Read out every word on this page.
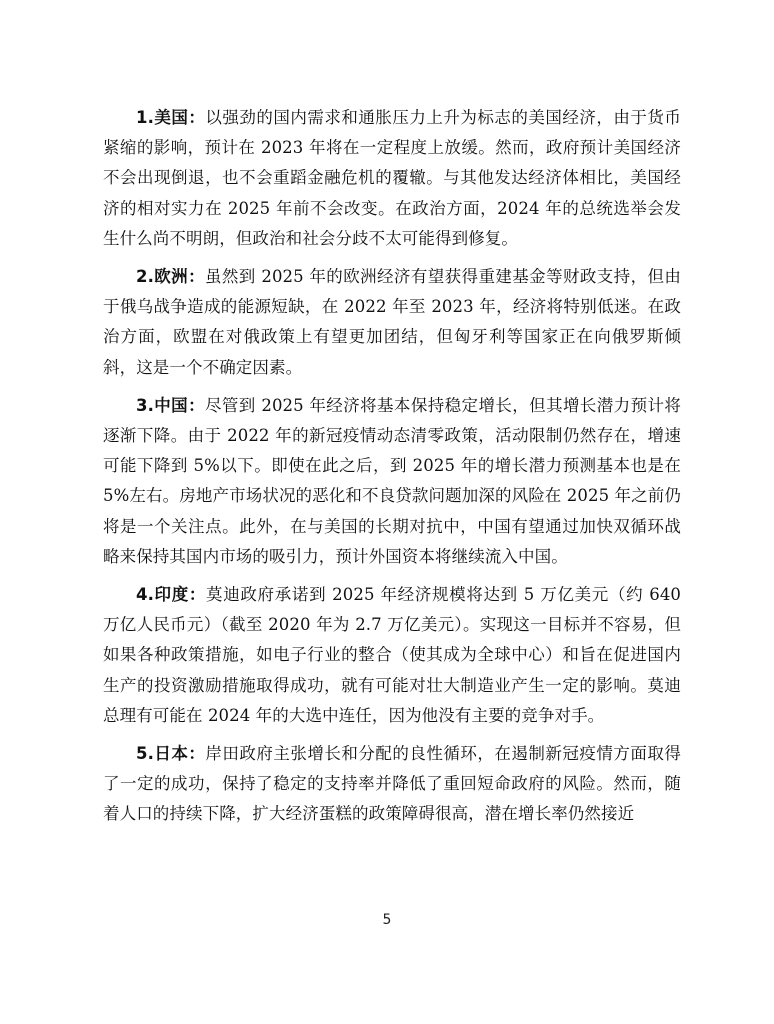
1.美国：以强劲的国内需求和通胀压力上升为标志的美国经济，由于货币紧缩的影响，预计在 2023 年将在一定程度上放缓。然而，政府预计美国经济不会出现倒退，也不会重蹈金融危机的覆辙。与其他发达经济体相比，美国经济的相对实力在 2025 年前不会改变。在政治方面，2024 年的总统选举会发生什么尚不明朗，但政治和社会分歧不太可能得到修复。

2.欧洲：虽然到 2025 年的欧洲经济有望获得重建基金等财政支持，但由于俄乌战争造成的能源短缺，在 2022 年至 2023 年，经济将特别低迷。在政治方面，欧盟在对俄政策上有望更加团结，但匈牙利等国家正在向俄罗斯倾斜，这是一个不确定因素。

3.中国：尽管到 2025 年经济将基本保持稳定增长，但其增长潜力预计将逐渐下降。由于 2022 年的新冠疫情动态清零政策，活动限制仍然存在，增速可能下降到 5%以下。即使在此之后，到 2025 年的增长潜力预测基本也是在 5%左右。房地产市场状况的恶化和不良贷款问题加深的风险在 2025 年之前仍将是一个关注点。此外，在与美国的长期对抗中，中国有望通过加快双循环战略来保持其国内市场的吸引力，预计外国资本将继续流入中国。

4.印度：莫迪政府承诺到 2025 年经济规模将达到 5 万亿美元（约 640 万亿人民币元）（截至 2020 年为 2.7 万亿美元）。实现这一目标并不容易，但如果各种政策措施，如电子行业的整合（使其成为全球中心）和旨在促进国内生产的投资激励措施取得成功，就有可能对壮大制造业产生一定的影响。莫迪总理有可能在 2024 年的大选中连任，因为他没有主要的竞争对手。

5.日本：岸田政府主张增长和分配的良性循环，在遏制新冠疫情方面取得了一定的成功，保持了稳定的支持率并降低了重回短命政府的风险。然而，随着人口的持续下降，扩大经济蛋糕的政策障碍很高，潜在增长率仍然接近

5
